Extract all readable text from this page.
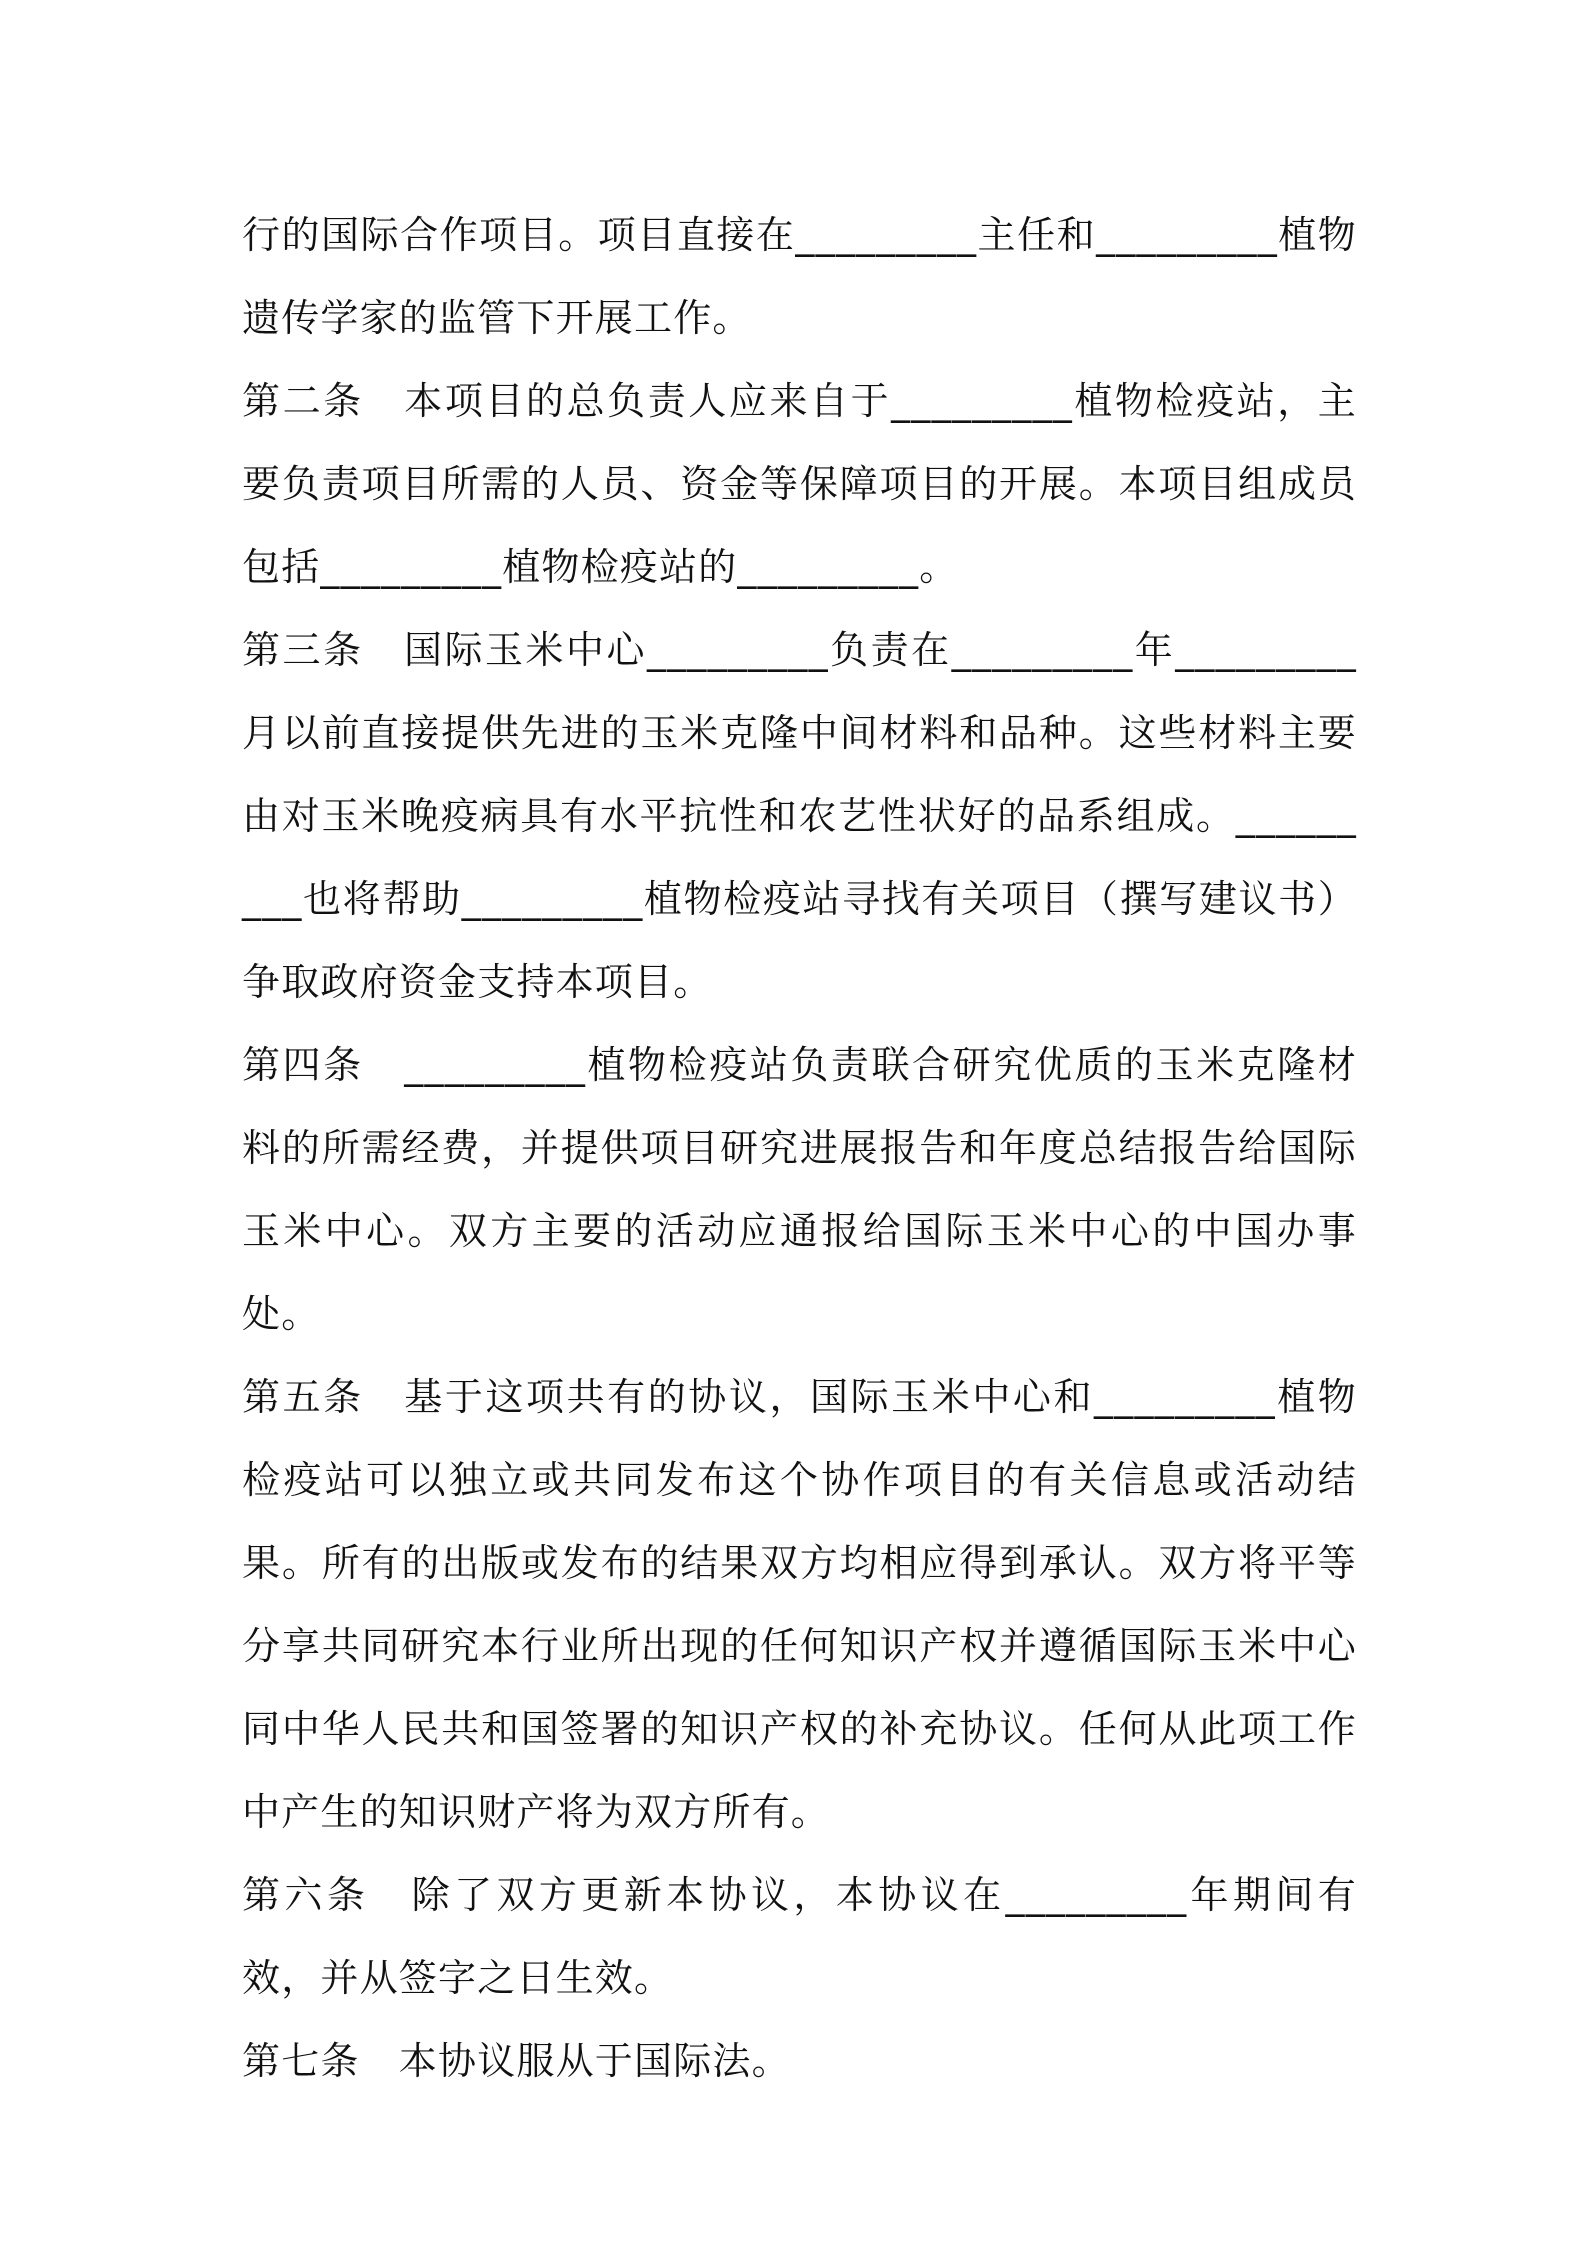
行的国际合作项目。项目直接在_________主任和_________植物遗传学家的监管下开展工作。

第二条　本项目的总负责人应来自于_________植物检疫站，主要负责项目所需的人员、资金等保障项目的开展。本项目组成员包括_________植物检疫站的_________。

第三条　国际玉米中心_________负责在_________年_________月以前直接提供先进的玉米克隆中间材料和品种。这些材料主要由对玉米晚疫病具有水平抗性和农艺性状好的品系组成。_________也将帮助_________植物检疫站寻找有关项目（撰写建议书）争取政府资金支持本项目。

第四条　_________植物检疫站负责联合研究优质的玉米克隆材料的所需经费，并提供项目研究进展报告和年度总结报告给国际玉米中心。双方主要的活动应通报给国际玉米中心的中国办事处。

第五条　基于这项共有的协议，国际玉米中心和_________植物检疫站可以独立或共同发布这个协作项目的有关信息或活动结果。所有的出版或发布的结果双方均相应得到承认。双方将平等分享共同研究本行业所出现的任何知识产权并遵循国际玉米中心同中华人民共和国签署的知识产权的补充协议。任何从此项工作中产生的知识财产将为双方所有。

第六条　除了双方更新本协议，本协议在_________年期间有效，并从签字之日生效。

第七条　本协议服从于国际法。
